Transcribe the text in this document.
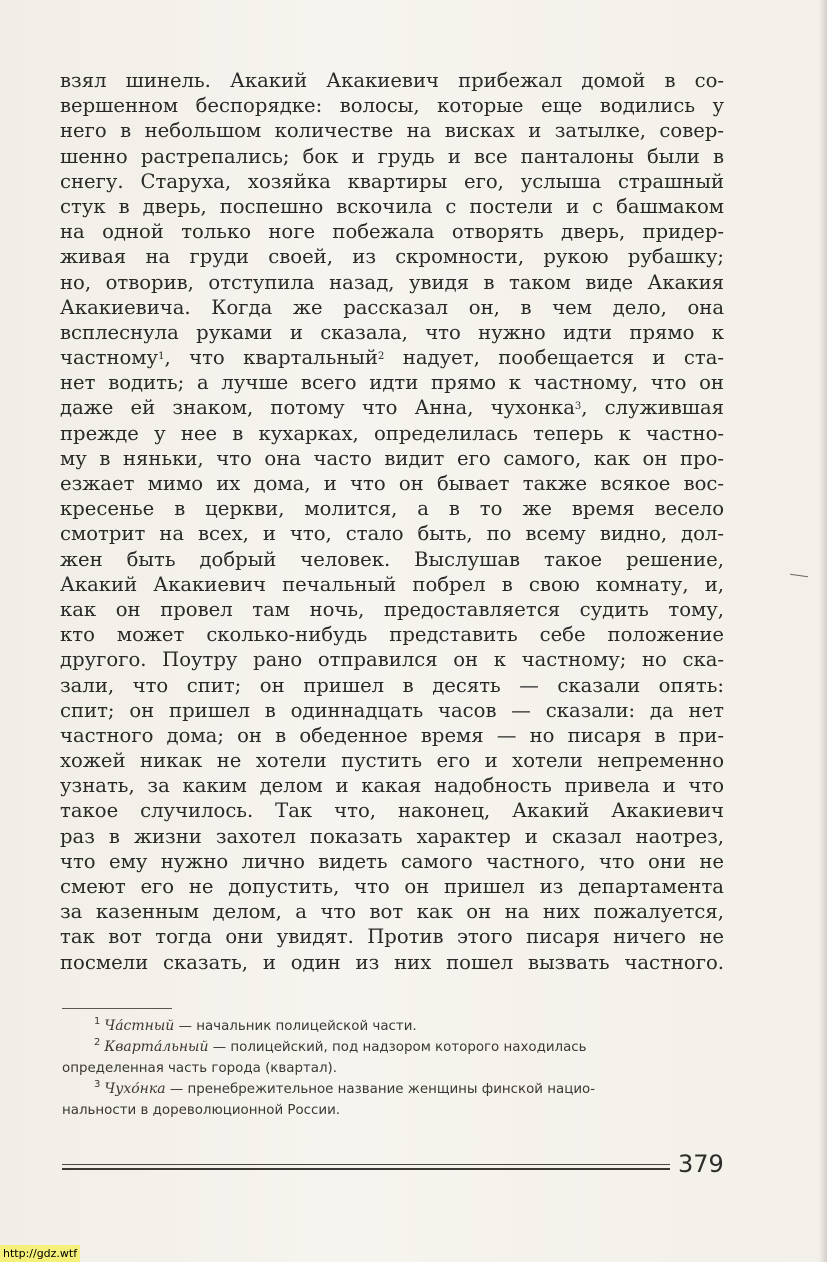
взял шинель. Акакий Акакиевич прибежал домой в со-
вершенном беспорядке: волосы, которые еще водились у
него в небольшом количестве на висках и затылке, совер-
шенно растрепались; бок и грудь и все панталоны были в
снегу. Старуха, хозяйка квартиры его, услыша страшный
стук в дверь, поспешно вскочила с постели и с башмаком
на одной только ноге побежала отворять дверь, придер-
живая на груди своей, из скромности, рукою рубашку;
но, отворив, отступила назад, увидя в таком виде Акакия
Акакиевича. Когда же рассказал он, в чем дело, она
всплеснула руками и сказала, что нужно идти прямо к
частному$^1$, что квартальный$^2$ надует, пообещается и ста-
нет водить; а лучше всего идти прямо к частному, что он
даже ей знаком, потому что Анна, чухонка$^3$, служившая
прежде у нее в кухарках, определилась теперь к частно-
му в няньки, что она часто видит его самого, как он про-
езжает мимо их дома, и что он бывает также всякое вос-
кресенье в церкви, молится, а в то же время весело
смотрит на всех, и что, стало быть, по всему видно, дол-
жен быть добрый человек. Выслушав такое решение,
Акакий Акакиевич печальный побрел в свою комнату, и,
как он провел там ночь, предоставляется судить тому,
кто может сколько-нибудь представить себе положение
другого. Поутру рано отправился он к частному; но ска-
зали, что спит; он пришел в десять — сказали опять:
спит; он пришел в одиннадцать часов — сказали: да нет
частного дома; он в обеденное время — но писаря в при-
хожей никак не хотели пустить его и хотели непременно
узнать, за каким делом и какая надобность привела и что
такое случилось. Так что, наконец, Акакий Акакиевич
раз в жизни захотел показать характер и сказал наотрез,
что ему нужно лично видеть самого частного, что они не
смеют его не допустить, что он пришел из департамента
за казенным делом, а что вот как он на них пожалуется,
так вот тогда они увидят. Против этого писаря ничего не
посмели сказать, и один из них пошел вызвать частного.
$^1$ Ча́стный — начальник полицейской части.
$^2$ Кварта́льный — полицейский, под надзором которого находилась
определенная часть города (квартал).
$^3$ Чухо́нка — пренебрежительное название женщины финской нацио-
нальности в дореволюционной России.
379
http://gdz.wtf
